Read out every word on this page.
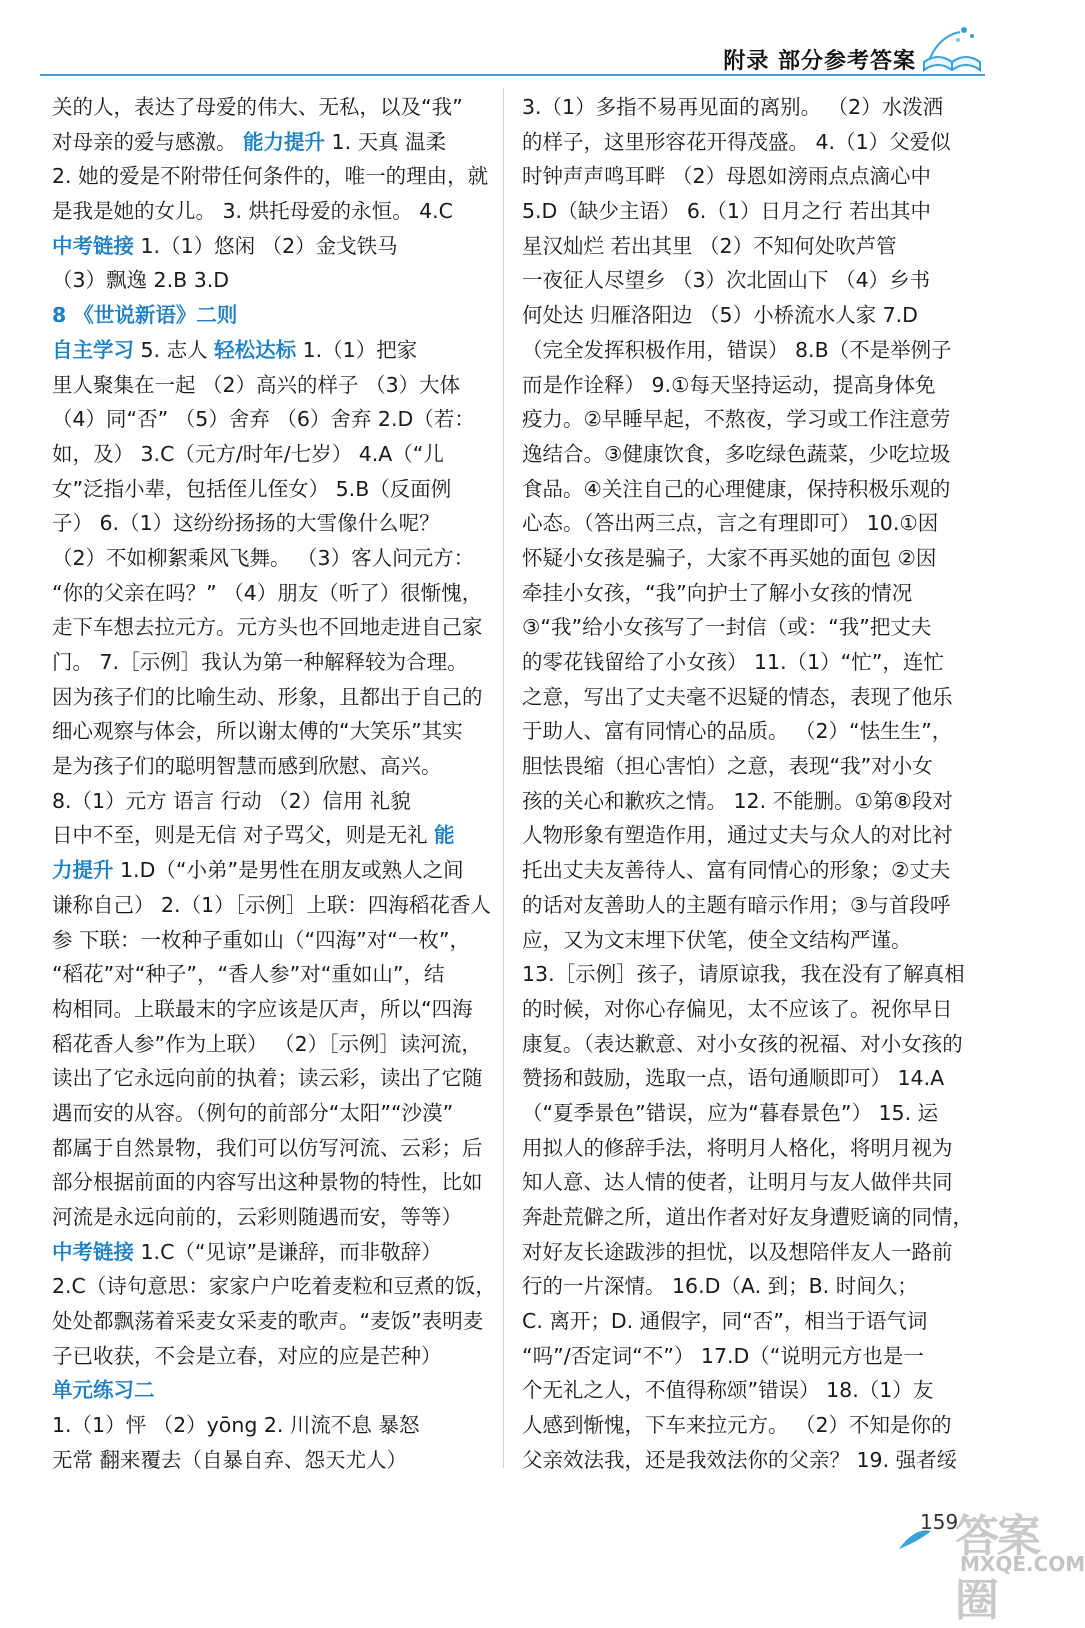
附录 部分参考答案
关的人，表达了母爱的伟大、无私，以及“我”
对母亲的爱与感激。 能力提升 1. 天真 温柔
2. 她的爱是不附带任何条件的，唯一的理由，就
是我是她的女儿。 3. 烘托母爱的永恒。 4.C
中考链接 1.（1）悠闲 （2）金戈铁马
（3）飘逸 2.B 3.D
8 《世说新语》二则
自主学习 5. 志人 轻松达标 1.（1）把家
里人聚集在一起 （2）高兴的样子 （3）大体
（4）同“否” （5）舍弃 （6）舍弃 2.D（若：
如，及） 3.C（元方/时年/七岁） 4.A（“儿
女”泛指小辈，包括侄儿侄女） 5.B（反面例
子） 6.（1）这纷纷扬扬的大雪像什么呢？
（2）不如柳絮乘风飞舞。 （3）客人问元方：
“你的父亲在吗？” （4）朋友（听了）很惭愧，
走下车想去拉元方。元方头也不回地走进自己家
门。 7.［示例］我认为第一种解释较为合理。
因为孩子们的比喻生动、形象，且都出于自己的
细心观察与体会，所以谢太傅的“大笑乐”其实
是为孩子们的聪明智慧而感到欣慰、高兴。
8.（1）元方 语言 行动 （2）信用 礼貌
日中不至，则是无信 对子骂父，则是无礼 能
力提升 1.D（“小弟”是男性在朋友或熟人之间
谦称自己） 2.（1）［示例］上联：四海稻花香人
参 下联：一枚种子重如山（“四海”对“一枚”，
“稻花”对“种子”，“香人参”对“重如山”，结
构相同。上联最末的字应该是仄声，所以“四海
稻花香人参”作为上联） （2）［示例］读河流，
读出了它永远向前的执着；读云彩，读出了它随
遇而安的从容。（例句的前部分“太阳”“沙漠”
都属于自然景物，我们可以仿写河流、云彩；后
部分根据前面的内容写出这种景物的特性，比如
河流是永远向前的，云彩则随遇而安，等等）
中考链接 1.C（“见谅”是谦辞，而非敬辞）
2.C（诗句意思：家家户户吃着麦粒和豆煮的饭，
处处都飘荡着采麦女采麦的歌声。“麦饭”表明麦
子已收获，不会是立春，对应的应是芒种）
单元练习二
1.（1）怦 （2）yōng 2. 川流不息 暴怒
无常 翻来覆去（自暴自弃、怨天尤人）
3.（1）多指不易再见面的离别。 （2）水泼洒
的样子，这里形容花开得茂盛。 4.（1）父爱似
时钟声声鸣耳畔 （2）母恩如滂雨点点滴心中
5.D（缺少主语） 6.（1）日月之行 若出其中
星汉灿烂 若出其里 （2）不知何处吹芦管
一夜征人尽望乡 （3）次北固山下 （4）乡书
何处达 归雁洛阳边 （5）小桥流水人家 7.D
（完全发挥积极作用，错误） 8.B（不是举例子
而是作诠释） 9.①每天坚持运动，提高身体免
疫力。②早睡早起，不熬夜，学习或工作注意劳
逸结合。③健康饮食，多吃绿色蔬菜，少吃垃圾
食品。④关注自己的心理健康，保持积极乐观的
心态。（答出两三点，言之有理即可） 10.①因
怀疑小女孩是骗子，大家不再买她的面包 ②因
牵挂小女孩，“我”向护士了解小女孩的情况
③“我”给小女孩写了一封信（或：“我”把丈夫
的零花钱留给了小女孩） 11.（1）“忙”，连忙
之意，写出了丈夫毫不迟疑的情态，表现了他乐
于助人、富有同情心的品质。 （2）“怯生生”，
胆怯畏缩（担心害怕）之意，表现“我”对小女
孩的关心和歉疚之情。 12. 不能删。①第⑧段对
人物形象有塑造作用，通过丈夫与众人的对比衬
托出丈夫友善待人、富有同情心的形象；②丈夫
的话对友善助人的主题有暗示作用；③与首段呼
应，又为文末埋下伏笔，使全文结构严谨。
13.［示例］孩子，请原谅我，我在没有了解真相
的时候，对你心存偏见，太不应该了。祝你早日
康复。（表达歉意、对小女孩的祝福、对小女孩的
赞扬和鼓励，选取一点，语句通顺即可） 14.A
（“夏季景色”错误，应为“暮春景色”） 15. 运
用拟人的修辞手法，将明月人格化，将明月视为
知人意、达人情的使者，让明月与友人做伴共同
奔赴荒僻之所，道出作者对好友身遭贬谪的同情，
对好友长途跋涉的担忧，以及想陪伴友人一路前
行的一片深情。 16.D（A. 到；B. 时间久；
C. 离开；D. 通假字，同“否”，相当于语气词
“吗”/否定词“不”） 17.D（“说明元方也是一
个无礼之人，不值得称颂”错误） 18.（1）友
人感到惭愧，下车来拉元方。 （2）不知是你的
父亲效法我，还是我效法你的父亲？ 19. 强者绥
159
答案圈
MXQE.COM
